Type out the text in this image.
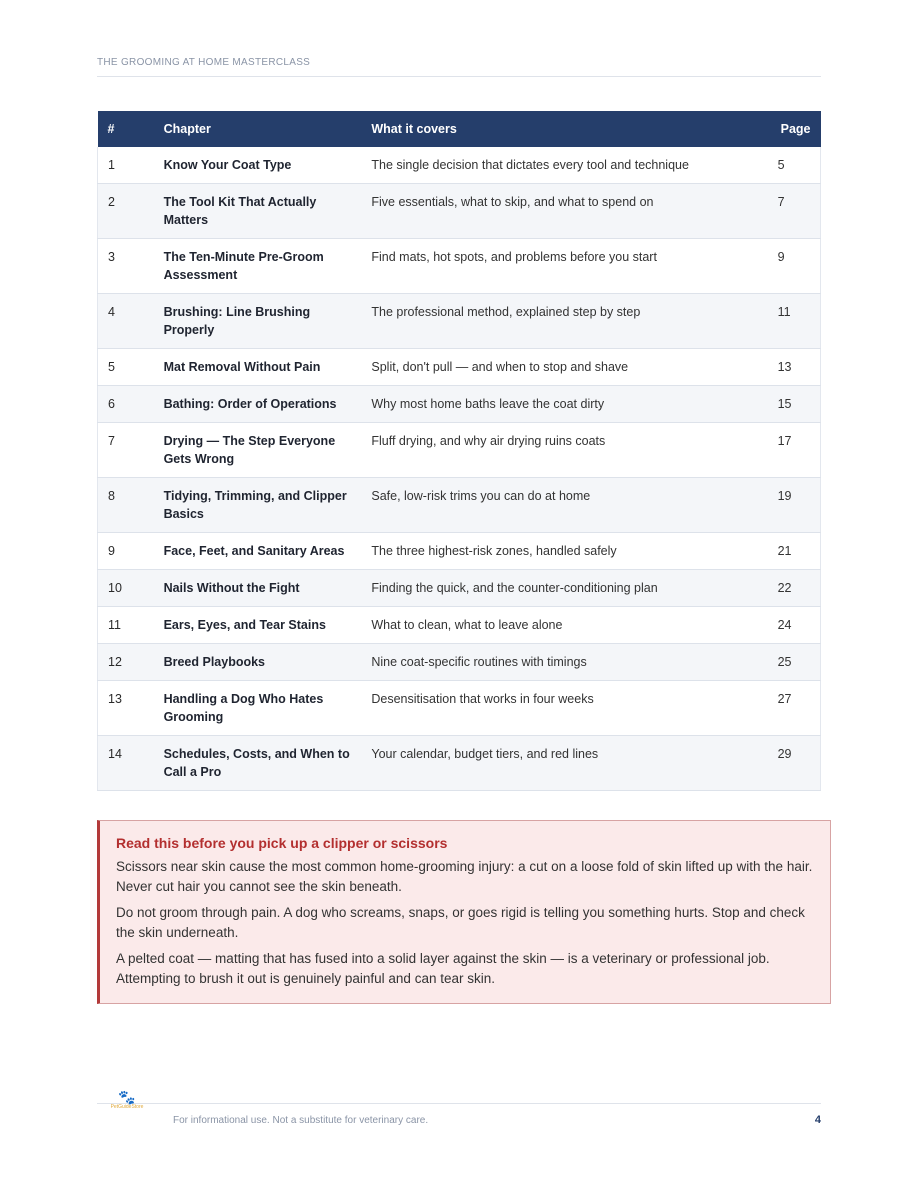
THE GROOMING AT HOME MASTERCLASS
#	Chapter	What it covers	Page
1	Know Your Coat Type	The single decision that dictates every tool and technique	5
2	The Tool Kit That Actually Matters	Five essentials, what to skip, and what to spend on	7
3	The Ten-Minute Pre-Groom Assessment	Find mats, hot spots, and problems before you start	9
4	Brushing: Line Brushing Properly	The professional method, explained step by step	11
5	Mat Removal Without Pain	Split, don't pull — and when to stop and shave	13
6	Bathing: Order of Operations	Why most home baths leave the coat dirty	15
7	Drying — The Step Everyone Gets Wrong	Fluff drying, and why air drying ruins coats	17
8	Tidying, Trimming, and Clipper Basics	Safe, low-risk trims you can do at home	19
9	Face, Feet, and Sanitary Areas	The three highest-risk zones, handled safely	21
10	Nails Without the Fight	Finding the quick, and the counter-conditioning plan	22
11	Ears, Eyes, and Tear Stains	What to clean, what to leave alone	24
12	Breed Playbooks	Nine coat-specific routines with timings	25
13	Handling a Dog Who Hates Grooming	Desensitisation that works in four weeks	27
14	Schedules, Costs, and When to Call a Pro	Your calendar, budget tiers, and red lines	29
Read this before you pick up a clipper or scissors

Scissors near skin cause the most common home-grooming injury: a cut on a loose fold of skin lifted up with the hair. Never cut hair you cannot see the skin beneath.

Do not groom through pain. A dog who screams, snaps, or goes rigid is telling you something hurts. Stop and check the skin underneath.

A pelted coat — matting that has fused into a solid layer against the skin — is a veterinary or professional job. Attempting to brush it out is genuinely painful and can tear skin.

🐾
PetGuideStore
For informational use. Not a substitute for veterinary care.	4
